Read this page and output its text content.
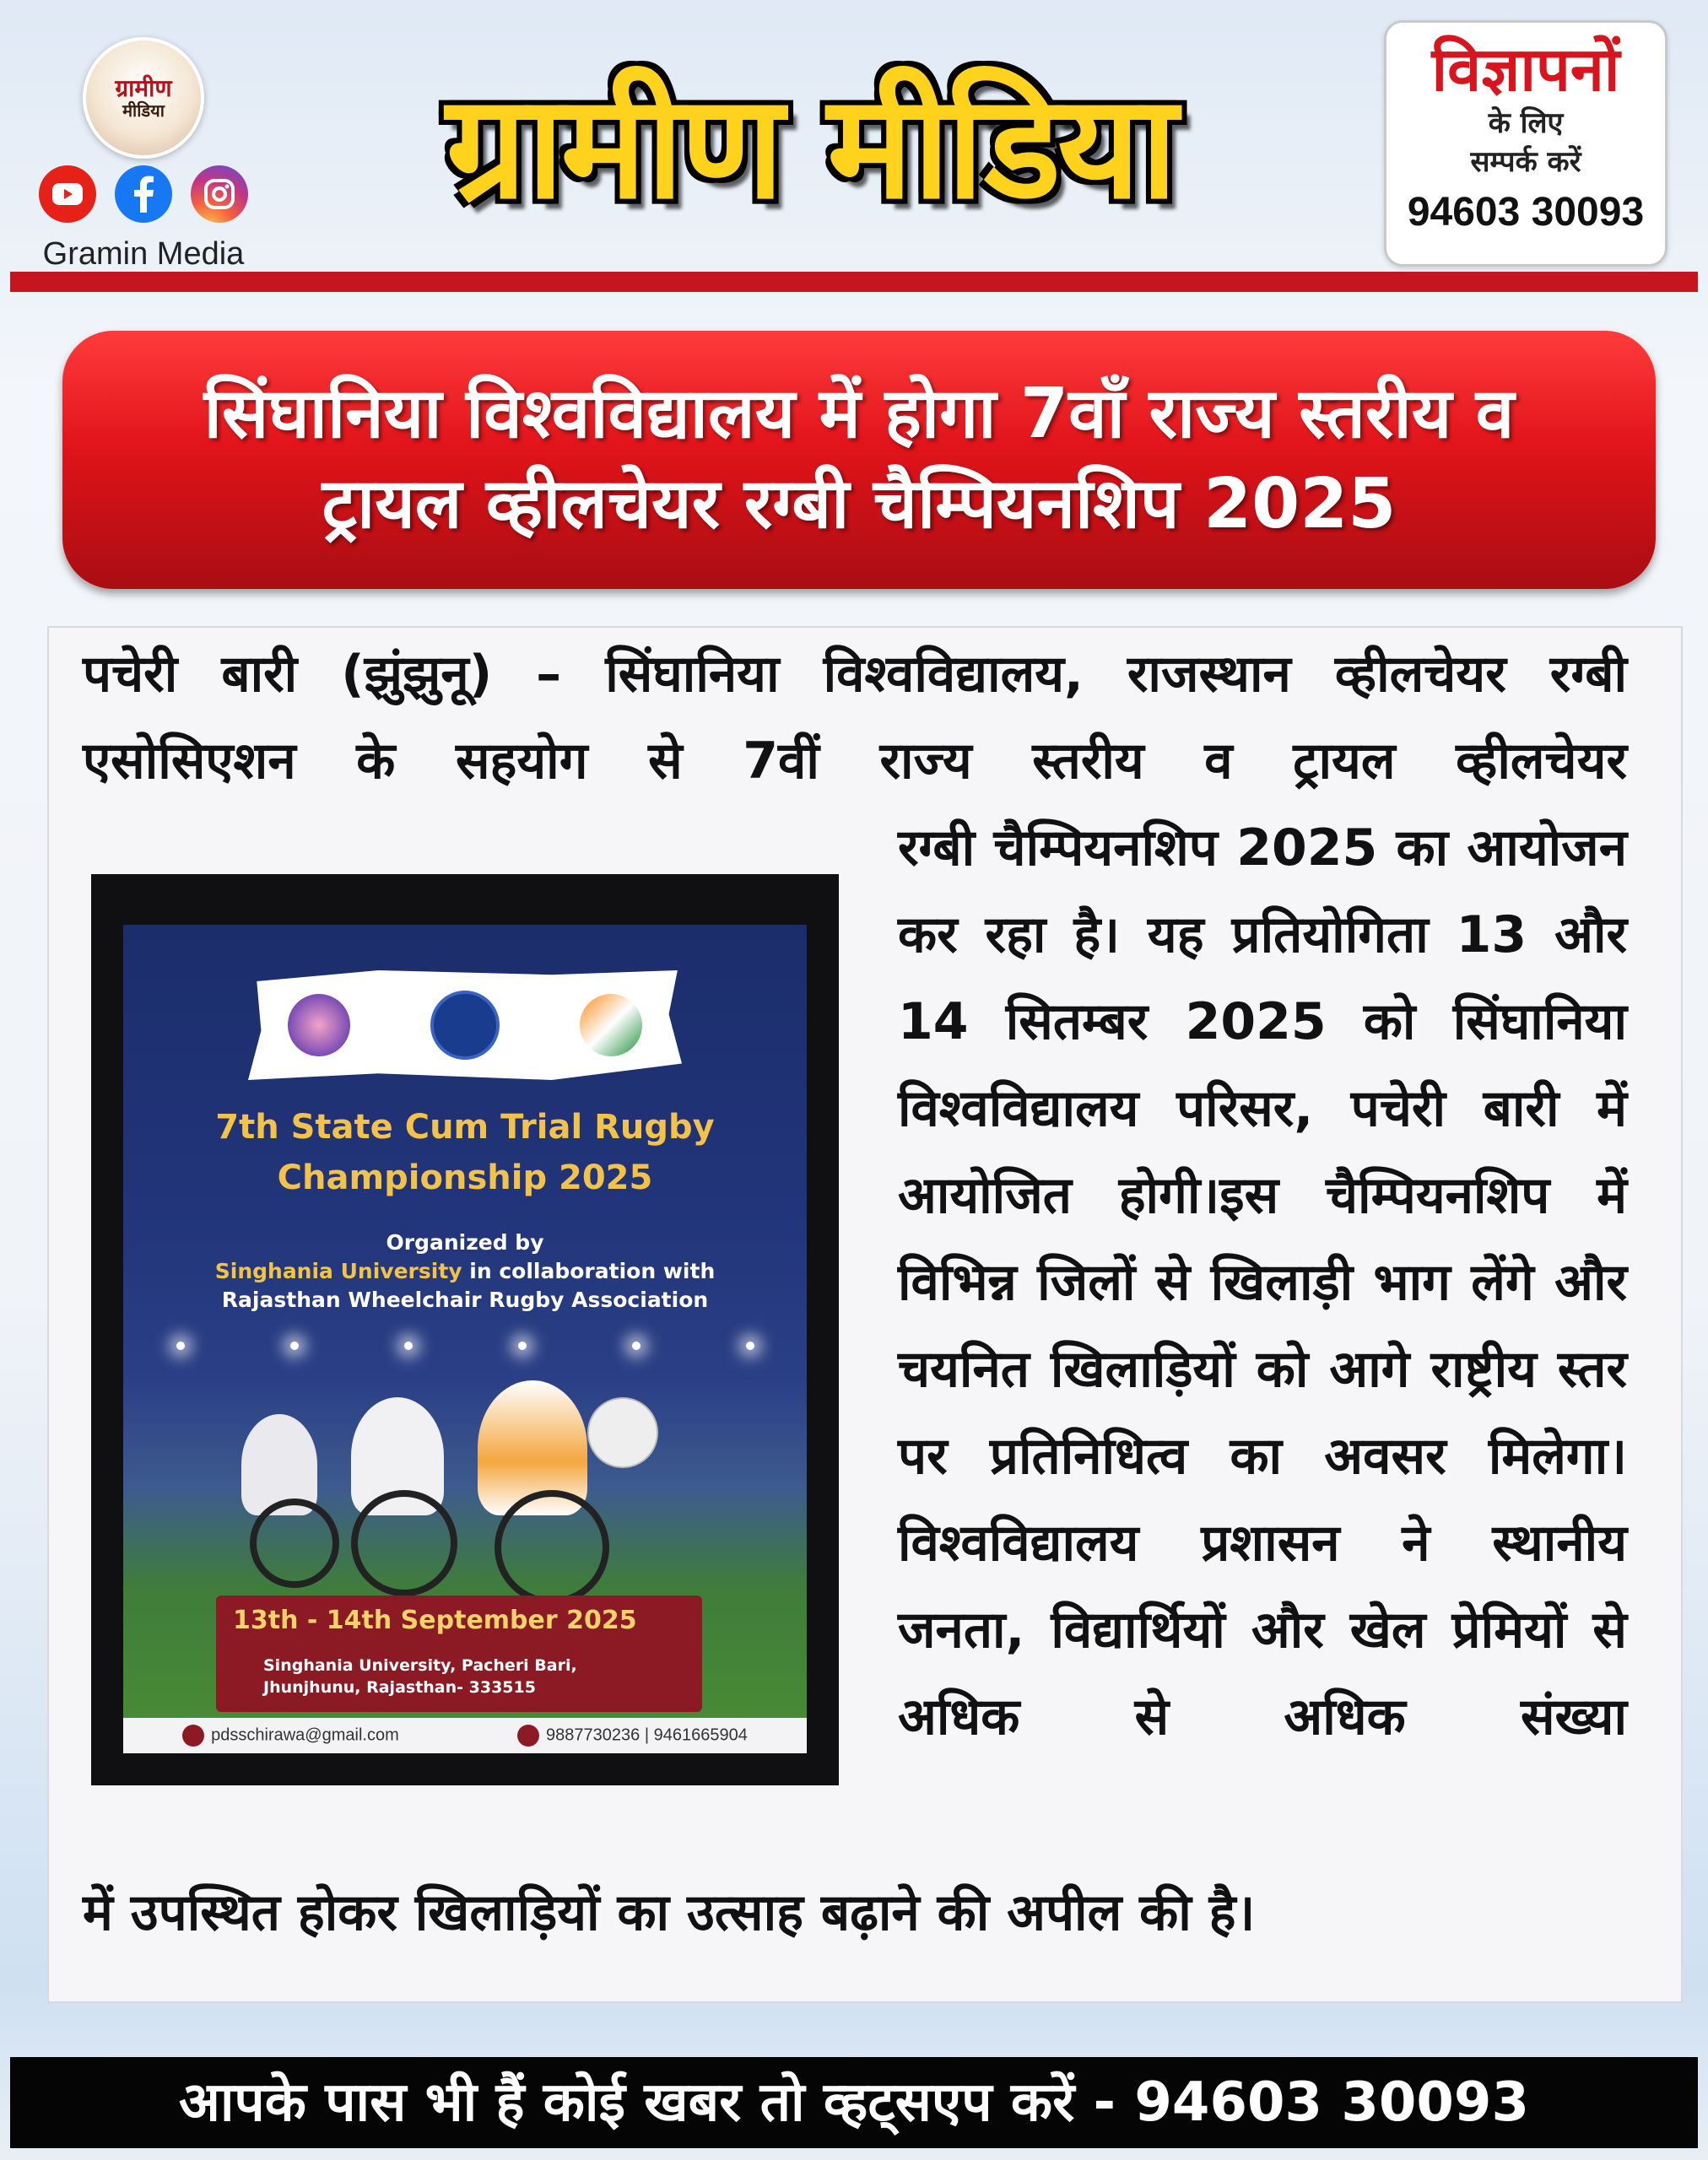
ग्रामीण
मीडिया
Gramin Media
ग्रामीण मीडिया	विज्ञापनों
के लिए
सम्पर्क करें
94603 30093
सिंघानिया विश्वविद्यालय में होगा 7वाँ राज्य स्तरीय व
ट्रायल व्हीलचेयर रग्बी चैम्पियनशिप 2025
पचेरी बारी (झुंझुनू) – सिंघानिया विश्वविद्यालय, राजस्थान व्हीलचेयर रग्बी एसोसिएशन के सहयोग से 7वीं राज्य स्तरीय व ट्रायल व्हीलचेयर
रग्बी चैम्पियनशिप 2025 का आयोजन कर रहा है। यह प्रतियोगिता 13 और 14 सितम्बर 2025 को सिंघानिया विश्वविद्यालय परिसर, पचेरी बारी में आयोजित होगी।इस चैम्पियनशिप में विभिन्न जिलों से खिलाड़ी भाग लेंगे और चयनित खिलाड़ियों को आगे राष्ट्रीय स्तर पर प्रतिनिधित्व का अवसर मिलेगा। विश्वविद्यालय प्रशासन ने स्थानीय जनता, विद्यार्थियों और खेल प्रेमियों से अधिक से अधिक संख्या
में उपस्थित होकर खिलाड़ियों का उत्साह बढ़ाने की अपील की है।
7th State Cum Trial Rugby
Championship 2025
Organized by
Singhania University in collaboration with
Rajasthan Wheelchair Rugby Association
13th - 14th September 2025
Singhania University, Pacheri Bari,
Jhunjhunu, Rajasthan- 333515
pdsschirawa@gmail.com	9887730236 | 9461665904
आपके पास भी हैं कोई खबर तो व्हट्सएप करें - 94603 30093
